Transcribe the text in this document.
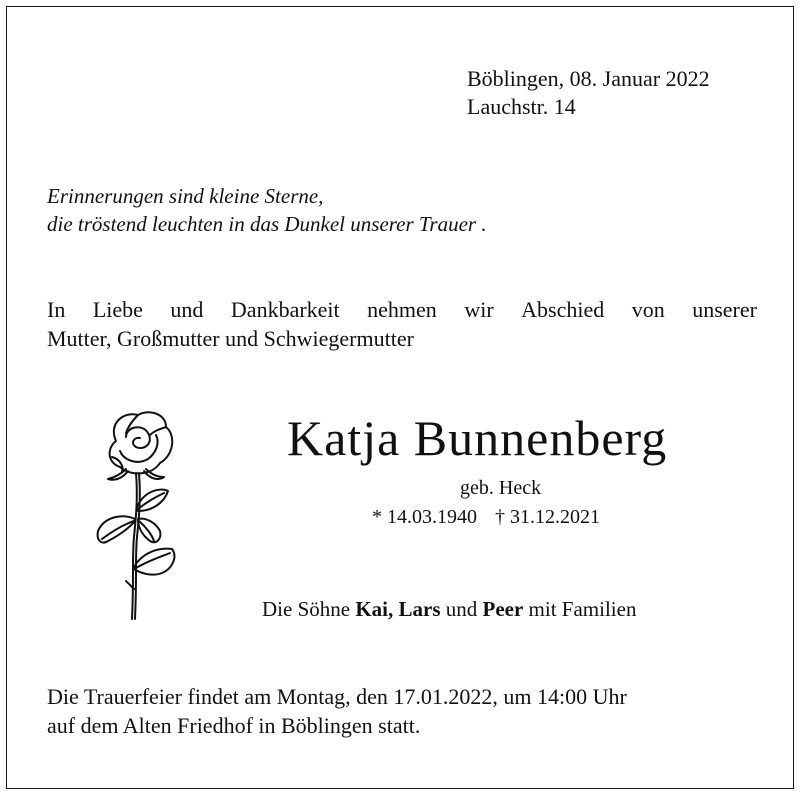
Böblingen, 08. Januar 2022
Lauchstr. 14
Erinnerungen sind kleine Sterne,
die tröstend leuchten in das Dunkel unserer Trauer .
In Liebe und Dankbarkeit nehmen wir Abschied von unserer
Mutter, Großmutter und Schwiegermutter
Katja Bunnenberg
geb. Heck
* 14.03.1940 † 31.12.2021
Die Söhne Kai, Lars und Peer mit Familien
Die Trauerfeier findet am Montag, den 17.01.2022, um 14:00 Uhr
auf dem Alten Friedhof in Böblingen statt.
